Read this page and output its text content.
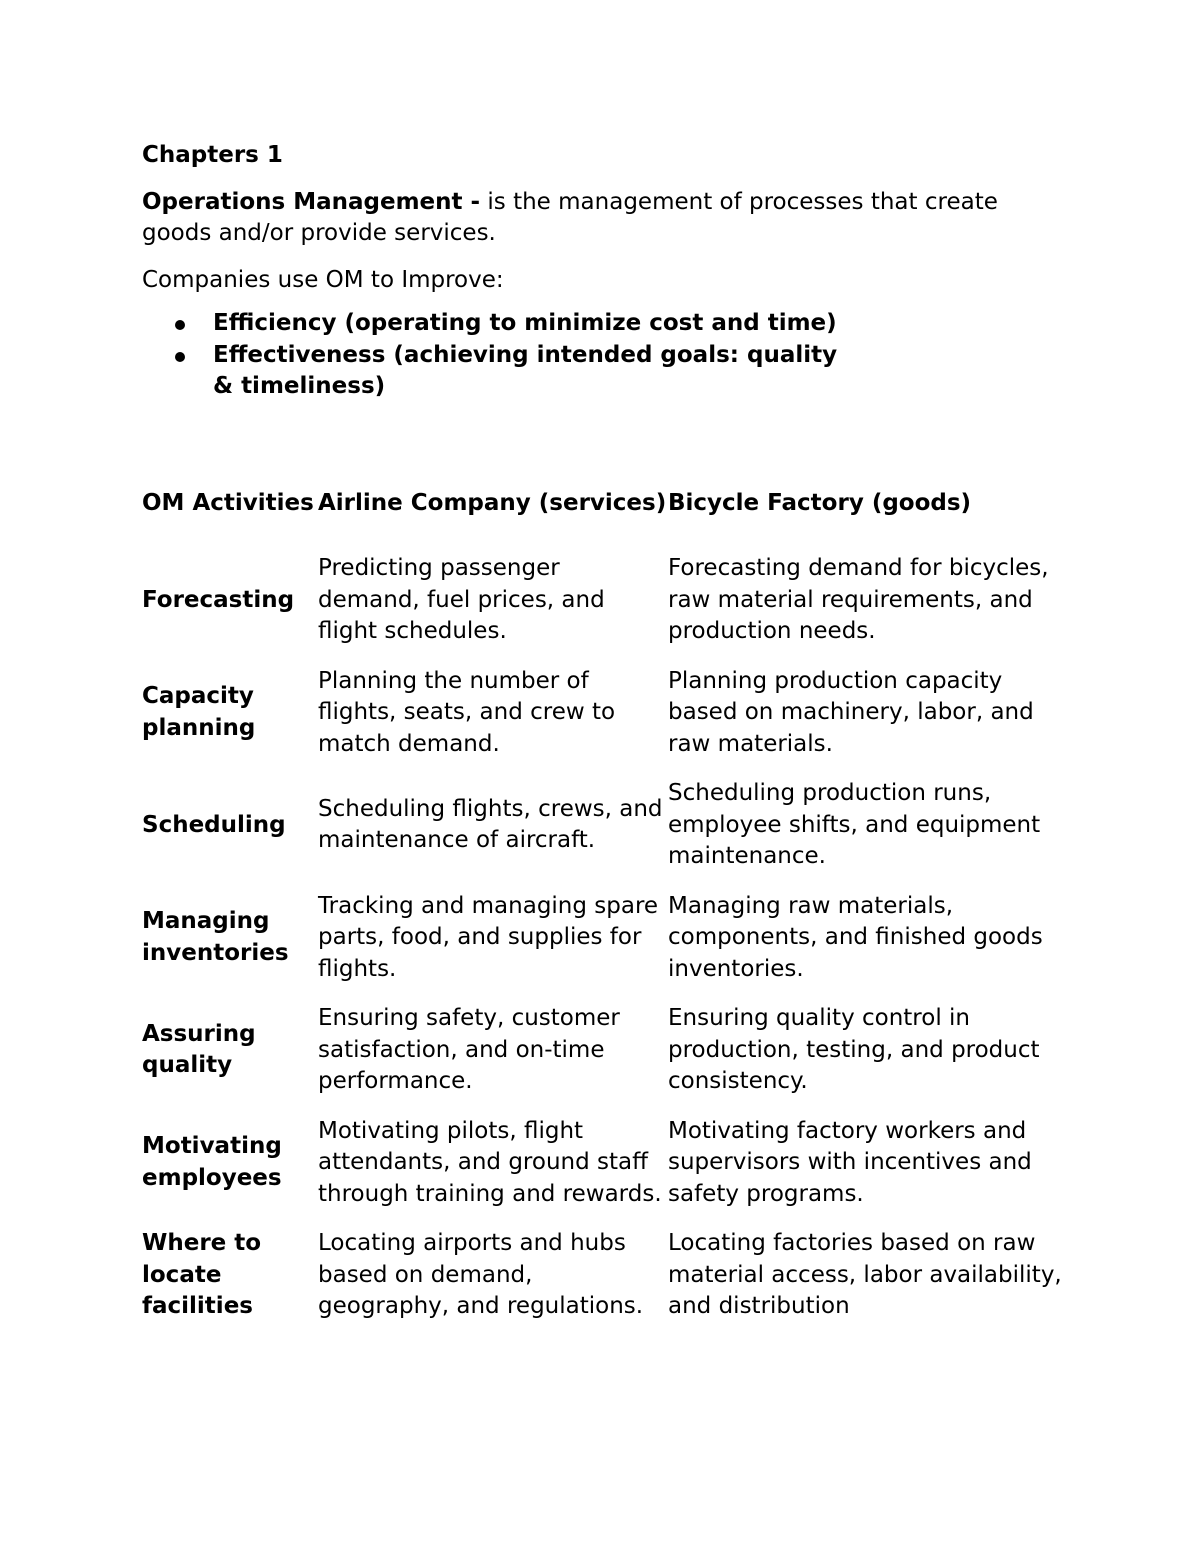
Chapters 1
Operations Management - is the management of processes that create goods and/or provide services.
Companies use OM to Improve:
Efficiency (operating to minimize cost and time)
Effectiveness (achieving intended goals: quality & timeliness)
OM Activities	Airline Company (services)	Bicycle Factory (goods)
Forecasting	Predicting passenger demand, fuel prices, and flight schedules.	Forecasting demand for bicycles, raw material requirements, and production needs.
Capacity planning	Planning the number of flights, seats, and crew to match demand.	Planning production capacity based on machinery, labor, and raw materials.
Scheduling	Scheduling flights, crews, and maintenance of aircraft.	Scheduling production runs, employee shifts, and equipment maintenance.
Managing inventories	Tracking and managing spare parts, food, and supplies for flights.	Managing raw materials, components, and finished goods inventories.
Assuring quality	Ensuring safety, customer satisfaction, and on-time performance.	Ensuring quality control in production, testing, and product consistency.
Motivating employees	Motivating pilots, flight attendants, and ground staff through training and rewards.	Motivating factory workers and supervisors with incentives and safety programs.
Where to locate facilities	Locating airports and hubs based on demand, geography, and regulations.	Locating factories based on raw material access, labor availability, and distribution
